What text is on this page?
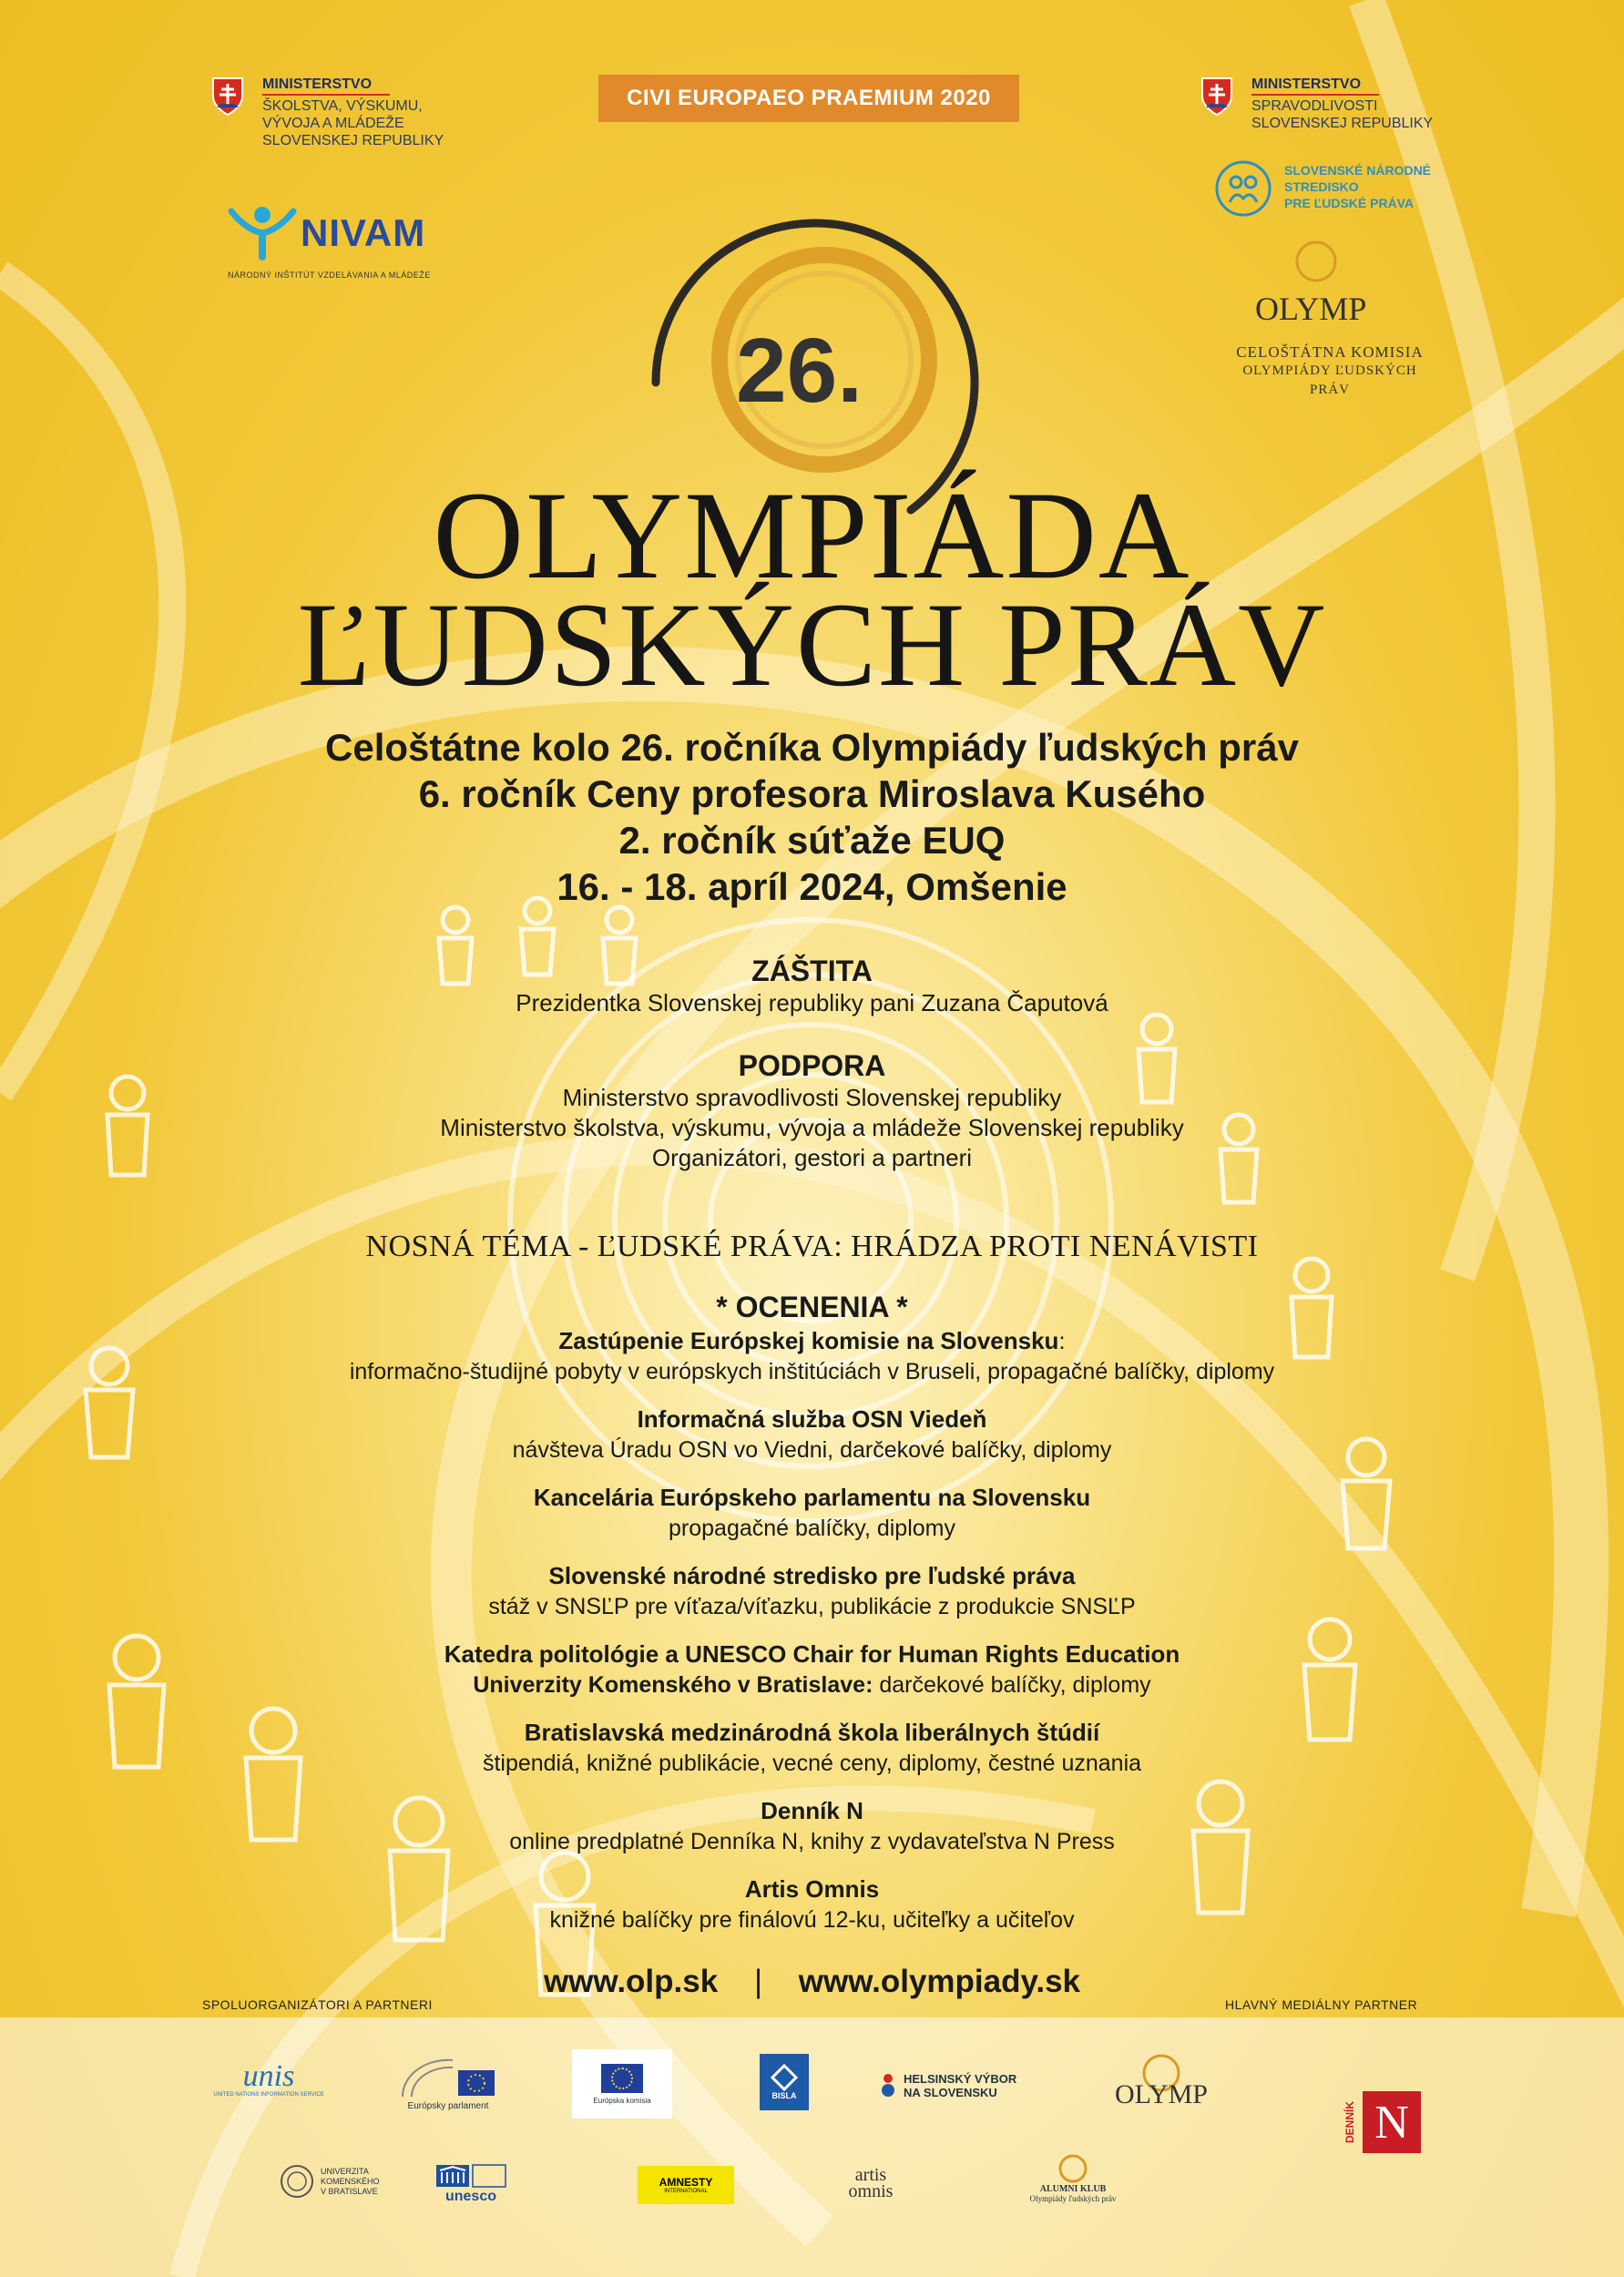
MINISTERSTVO
ŠKOLSTVA, VÝSKUMU,
VÝVOJA A MLÁDEŽE
SLOVENSKEJ REPUBLIKY
CIVI EUROPAEO PRAEMIUM 2020
MINISTERSTVO
SPRAVODLIVOSTI
SLOVENSKEJ REPUBLIKY
NIVAM
NÁRODNÝ INŠTITÚT VZDELÁVANIA A MLÁDEŽE
SLOVENSKÉ NÁRODNÉ
STREDISKO
PRE ĽUDSKÉ PRÁVA
OLYMP
CELOŠTÁTNA KOMISIA
OLYMPIÁDY ĽUDSKÝCH PRÁV
26.
OLYMPIÁDA
ĽUDSKÝCH PRÁV
Celoštátne kolo 26. ročníka Olympiády ľudských práv
6. ročník Ceny profesora Miroslava Kusého
2. ročník súťaže EUQ
16. - 18. apríl 2024, Omšenie
ZÁŠTITA
Prezidentka Slovenskej republiky pani Zuzana Čaputová
PODPORA
Ministerstvo spravodlivosti Slovenskej republiky
Ministerstvo školstva, výskumu, vývoja a mládeže Slovenskej republiky
Organizátori, gestori a partneri
NOSNÁ TÉMA - ĽUDSKÉ PRÁVA: HRÁDZA PROTI NENÁVISTI
* OCENENIA *
Zastúpenie Európskej komisie na Slovensku:
informačno-študijné pobyty v európskych inštitúciách v Bruseli, propagačné balíčky, diplomy
Informačná služba OSN Viedeň
návšteva Úradu OSN vo Viedni, darčekové balíčky, diplomy
Kancelária Európskeho parlamentu na Slovensku
propagačné balíčky, diplomy
Slovenské národné stredisko pre ľudské práva
stáž v SNSĽP pre víťaza/víťazku, publikácie z produkcie SNSĽP
Katedra politológie a UNESCO Chair for Human Rights Education
Univerzity Komenského v Bratislave: darčekové balíčky, diplomy
Bratislavská medzinárodná škola liberálnych štúdií
štipendiá, knižné publikácie, vecné ceny, diplomy, čestné uznania
Denník N
online predplatné Denníka N, knihy z vydavateľstva N Press
Artis Omnis
knižné balíčky pre finálovú 12-ku, učiteľky a učiteľov
www.olp.sk | www.olympiady.sk
SPOLUORGANIZÁTORI A PARTNERI	HLAVNÝ MEDIÁLNY PARTNER
unis
UNITED NATIONS INFORMATION SERVICE
Európsky parlament
Európska komisia	BISLA
HELSINSKÝ VÝBOR
NA SLOVENSKU	OLYMP
DENNÍK N
UNIVERZITA
KOMENSKÉHO
V BRATISLAVE	unesco
AMNESTY
INTERNATIONAL
artis
omnis	ALUMNI KLUB
Olympiády ľudských práv
